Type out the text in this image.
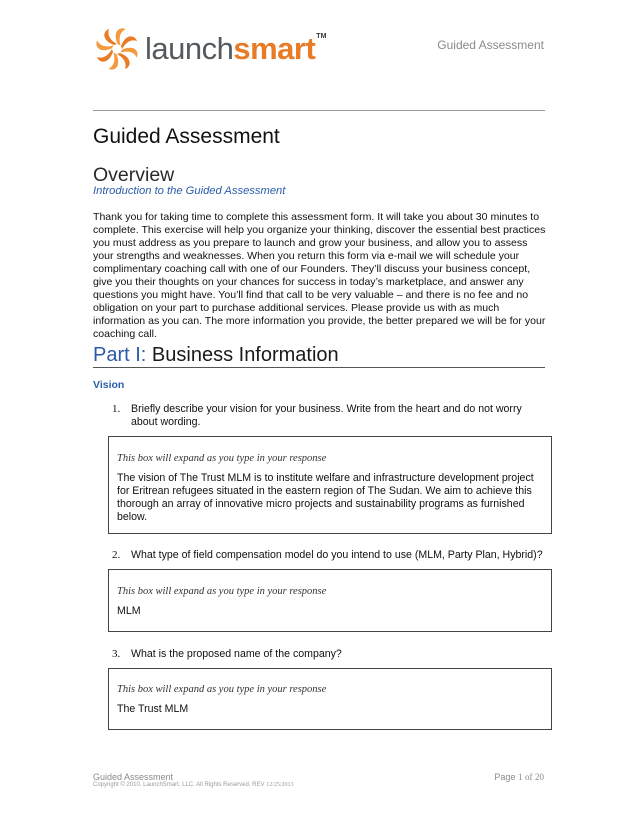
launchsmart TM
Guided Assessment
Guided Assessment
Overview
Introduction to the Guided Assessment
Thank you for taking time to complete this assessment form. It will take you about 30 minutes to complete. This exercise will help you organize your thinking, discover the essential best practices you must address as you prepare to launch and grow your business, and allow you to assess your strengths and weaknesses. When you return this form via e-mail we will schedule your complimentary coaching call with one of our Founders. They’ll discuss your business concept, give you their thoughts on your chances for success in today’s marketplace, and answer any questions you might have. You’ll find that call to be very valuable – and there is no fee and no obligation on your part to purchase additional services. Please provide us with as much information as you can. The more information you provide, the better prepared we will be for your coaching call.
Part I: Business Information
Vision
1.	Briefly describe your vision for your business. Write from the heart and do not worry about wording.
This box will expand as you type in your response
The vision of The Trust MLM is to institute welfare and infrastructure development project for Eritrean refugees situated in the eastern region of The Sudan. We aim to achieve this thorough an array of innovative micro projects and sustainability programs as furnished below.
2.	What type of field compensation model do you intend to use (MLM, Party Plan, Hybrid)?
This box will expand as you type in your response
MLM
3.	What is the proposed name of the company?
This box will expand as you type in your response
The Trust MLM
Guided Assessment
Copyright © 2010. LaunchSmart, LLC. All Rights Reserved. REV 12/25/2013
Page 1 of 20
